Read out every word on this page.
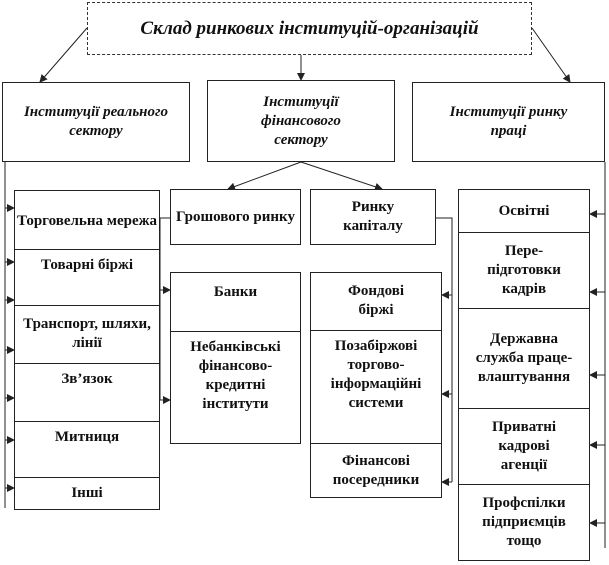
Склад ринкових інституцій-організацій
Інституції реального сектору
Інституції фінансового сектору
Інституції ринку праці
Торговельна мережа
Товарні біржі
Транспорт, шляхи, лінії
Зв’язок
Митниця
Інші
Грошового ринку
Ринку капіталу
Банки
Небанківські фінансово-кредитні інститути
Фондові біржі
Позабіржові торгово-інформаційні системи
Фінансові посередники
Освітні
Пере-підготовки кадрів
Державна служба праце-влаштування
Приватні кадрові агенції
Профспілки підприємців тощо
